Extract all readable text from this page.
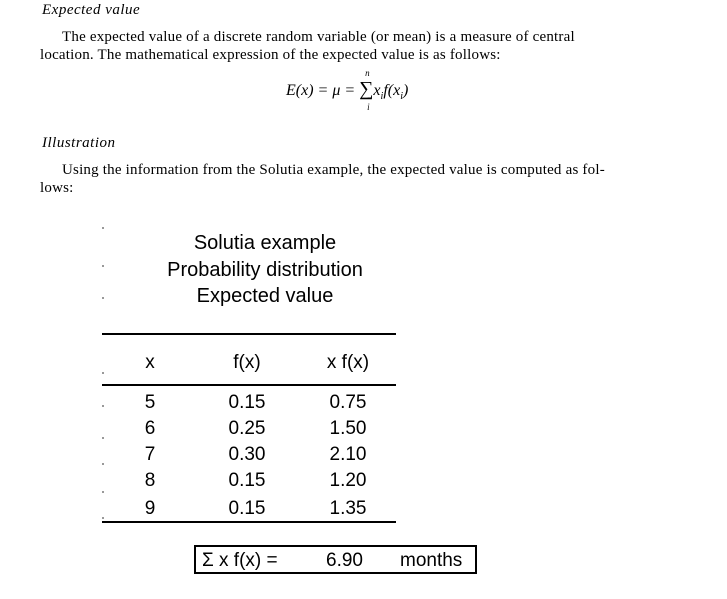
Expected value
The expected value of a discrete random variable (or mean) is a measure of central
location. The mathematical expression of the expected value is as follows:
E(x) = μ = ∑
n
i
$x_if(x_i)$
Illustration
Using the information from the Solutia example, the expected value is computed as fol-
lows:
Solutia example
Probability distribution
Expected value
x	f(x)	x f(x)
5	0.15	0.75
6	0.25	1.50
7	0.30	2.10
8	0.15	1.20
9	0.15	1.35
Σ x f(x) =	6.90 months
